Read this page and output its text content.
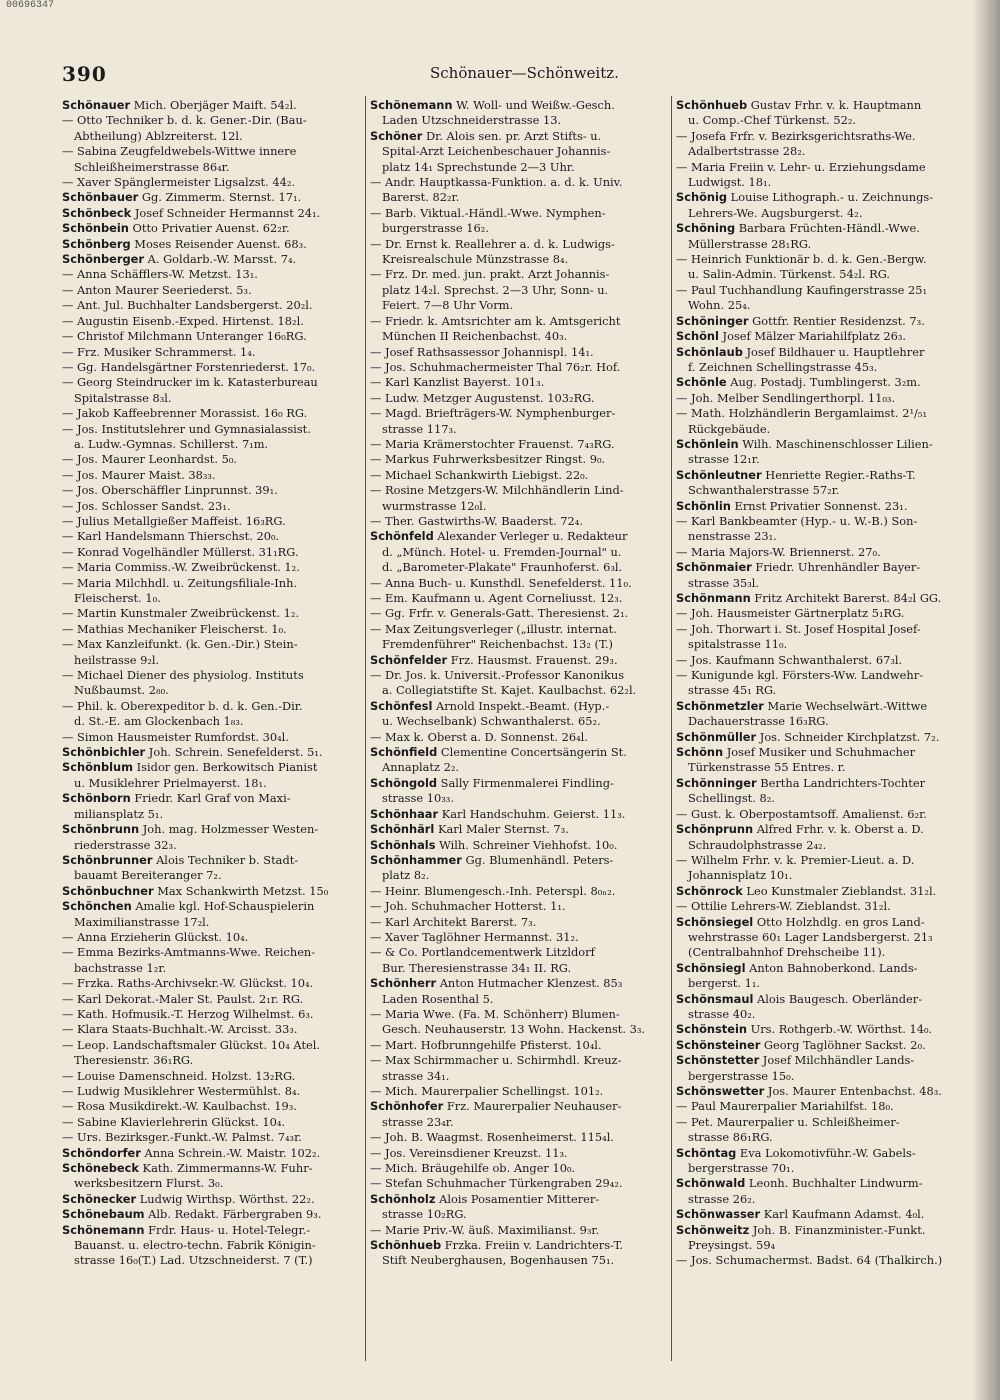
00696347
390	Schönauer—Schönweitz.
Schönauer Mich. Oberjäger Maift. 54₂l.
— Otto Techniker b. d. k. Gener.-Dir. (Bau-
Abtheilung) Ablzreiterst. 12l.
— Sabina Zeugfeldwebels-Wittwe innere
Schleißheimerstrasse 86₄r.
— Xaver Spänglermeister Ligsalzst. 44₂.
Schönbauer Gg. Zimmerm. Sternst. 17₁.
Schönbeck Josef Schneider Hermannst 24₁.
Schönbein Otto Privatier Auenst. 62₂r.
Schönberg Moses Reisender Auenst. 68₃.
Schönberger A. Goldarb.-W. Marsst. 7₄.
— Anna Schäfflers-W. Metzst. 13₁.
— Anton Maurer Seeriederst. 5₃.
— Ant. Jul. Buchhalter Landsbergerst. 20₂l.
— Augustin Eisenb.-Exped. Hirtenst. 18₂l.
— Christof Milchmann Unteranger 16₀RG.
— Frz. Musiker Schrammerst. 1₄.
— Gg. Handelsgärtner Forstenriederst. 17₀.
— Georg Steindrucker im k. Katasterbureau
Spitalstrasse 8₃l.
— Jakob Kaffeebrenner Morassist. 16₀ RG.
— Jos. Institutslehrer und Gymnasialassist.
a. Ludw.-Gymnas. Schillerst. 7₁m.
— Jos. Maurer Leonhardst. 5₀.
— Jos. Maurer Maist. 38₃₃.
— Jos. Oberschäffler Linprunnst. 39₁.
— Jos. Schlosser Sandst. 23₁.
— Julius Metallgießer Maffeist. 16₃RG.
— Karl Handelsmann Thierschst. 20₀.
— Konrad Vogelhändler Müllerst. 31₁RG.
— Maria Commiss.-W. Zweibrückenst. 1₂.
— Maria Milchhdl. u. Zeitungsfiliale-Inh.
Fleischerst. 1₀.
— Martin Kunstmaler Zweibrückenst. 1₂.
— Mathias Mechaniker Fleischerst. 1₀.
— Max Kanzleifunkt. (k. Gen.-Dir.) Stein-
heilstrasse 9₂l.
— Michael Diener des physiolog. Instituts
Nußbaumst. 2₈₀.
— Phil. k. Oberexpeditor b. d. k. Gen.-Dir.
d. St.-E. am Glockenbach 1₈₃.
— Simon Hausmeister Rumfordst. 30₄l.
Schönbichler Joh. Schrein. Senefelderst. 5₁.
Schönblum Isidor gen. Berkowitsch Pianist
u. Musiklehrer Prielmayerst. 18₁.
Schönborn Friedr. Karl Graf von Maxi-
miliansplatz 5₁.
Schönbrunn Joh. mag. Holzmesser Westen-
riederstrasse 32₃.
Schönbrunner Alois Techniker b. Stadt-
bauamt Bereiteranger 7₂.
Schönbuchner Max Schankwirth Metzst. 15₀
Schönchen Amalie kgl. Hof-Schauspielerin
Maximilianstrasse 17₂l.
— Anna Erzieherin Glückst. 10₄.
— Emma Bezirks-Amtmanns-Wwe. Reichen-
bachstrasse 1₂r.
— Frzka. Raths-Archivsekr.-W. Glückst. 10₄.
— Karl Dekorat.-Maler St. Paulst. 2₁r. RG.
— Kath. Hofmusik.-T. Herzog Wilhelmst. 6₃.
— Klara Staats-Buchhalt.-W. Arcisst. 33₃.
— Leop. Landschaftsmaler Glückst. 10₄ Atel.
Theresienstr. 36₁RG.
— Louise Damenschneid. Holzst. 13₂RG.
— Ludwig Musiklehrer Westermühlst. 8₄.
— Rosa Musikdirekt.-W. Kaulbachst. 19₃.
— Sabine Klavierlehrerin Glückst. 10₄.
— Urs. Bezirksger.-Funkt.-W. Palmst. 7₄₃r.
Schöndorfer Anna Schrein.-W. Maistr. 102₂.
Schönebeck Kath. Zimmermanns-W. Fuhr-
werksbesitzern Flurst. 3₀.
Schönecker Ludwig Wirthsp. Wörthst. 22₂.
Schönebaum Alb. Redakt. Färbergraben 9₃.
Schönemann Frdr. Haus- u. Hotel-Telegr.-
Bauanst. u. electro-techn. Fabrik Königin-
strasse 16₀(T.) Lad. Utzschneiderst. 7 (T.)
Schönemann W. Woll- und Weißw.-Gesch.
Laden Utzschneiderstrasse 13.
Schöner Dr. Alois sen. pr. Arzt Stifts- u.
Spital-Arzt Leichenbeschauer Johannis-
platz 14₁ Sprechstunde 2—3 Uhr.
— Andr. Hauptkassa-Funktion. a. d. k. Univ.
Barerst. 82₂r.
— Barb. Viktual.-Händl.-Wwe. Nymphen-
burgerstrasse 16₂.
— Dr. Ernst k. Reallehrer a. d. k. Ludwigs-
Kreisrealschule Münzstrasse 8₄.
— Frz. Dr. med. jun. prakt. Arzt Johannis-
platz 14₂l. Sprechst. 2—3 Uhr, Sonn- u.
Feiert. 7—8 Uhr Vorm.
— Friedr. k. Amtsrichter am k. Amtsgericht
München II Reichenbachst. 40₃.
— Josef Rathsassessor Johannispl. 14₁.
— Jos. Schuhmachermeister Thal 76₂r. Hof.
— Karl Kanzlist Bayerst. 101₃.
— Ludw. Metzger Augustenst. 103₂RG.
— Magd. Briefträgers-W. Nymphenburger-
strasse 117₃.
— Maria Krämerstochter Frauenst. 7₄₃RG.
— Markus Fuhrwerksbesitzer Ringst. 9₀.
— Michael Schankwirth Liebigst. 22₀.
— Rosine Metzgers-W. Milchhändlerin Lind-
wurmstrasse 12₀l.
— Ther. Gastwirths-W. Baaderst. 72₄.
Schönfeld Alexander Verleger u. Redakteur
d. „Münch. Hotel- u. Fremden-Journal" u.
d. „Barometer-Plakate" Fraunhoferst. 6₃l.
— Anna Buch- u. Kunsthdl. Senefelderst. 11₀.
— Em. Kaufmann u. Agent Corneliusst. 12₃.
— Gg. Frfr. v. Generals-Gatt. Theresienst. 2₁.
— Max Zeitungsverleger („illustr. internat.
Fremdenführer" Reichenbachst. 13₂ (T.)
Schönfelder Frz. Hausmst. Frauenst. 29₃.
— Dr. Jos. k. Universit.-Professor Kanonikus
a. Collegiatstifte St. Kajet. Kaulbachst. 62₂l.
Schönfesl Arnold Inspekt.-Beamt. (Hyp.-
u. Wechselbank) Schwanthalerst. 65₂.
— Max k. Oberst a. D. Sonnenst. 26₄l.
Schönfield Clementine Concertsängerin St.
Annaplatz 2₂.
Schöngold Sally Firmenmalerei Findling-
strasse 10₃₃.
Schönhaar Karl Handschuhm. Geierst. 11₃.
Schönhärl Karl Maler Sternst. 7₃.
Schönhals Wilh. Schreiner Viehhofst. 10₀.
Schönhammer Gg. Blumenhändl. Peters-
platz 8₂.
— Heinr. Blumengesch.-Inh. Peterspl. 8₀ₙ₂.
— Joh. Schuhmacher Hotterst. 1₁.
— Karl Architekt Barerst. 7₃.
— Xaver Taglöhner Hermannst. 31₂.
— & Co. Portlandcementwerk Litzldorf
Bur. Theresienstrasse 34₁ II. RG.
Schönherr Anton Hutmacher Klenzest. 85₃
Laden Rosenthal 5.
— Maria Wwe. (Fa. M. Schönherr) Blumen-
Gesch. Neuhauserstr. 13 Wohn. Hackenst. 3₃.
— Mart. Hofbrunngehilfe Pfisterst. 10₄l.
— Max Schirmmacher u. Schirmhdl. Kreuz-
strasse 34₁.
— Mich. Maurerpalier Schellingst. 101₂.
Schönhofer Frz. Maurerpalier Neuhauser-
strasse 23₄r.
— Joh. B. Waagmst. Rosenheimerst. 115₄l.
— Jos. Vereinsdiener Kreuzst. 11₃.
— Mich. Bräugehilfe ob. Anger 10₀.
— Stefan Schuhmacher Türkengraben 29₄₂.
Schönholz Alois Posamentier Mitterer-
strasse 10₂RG.
— Marie Priv.-W. äuß. Maximilianst. 9₃r.
Schönhueb Frzka. Freiin v. Landrichters-T.
Stift Neuberghausen, Bogenhausen 75₁.
Schönhueb Gustav Frhr. v. k. Hauptmann
u. Comp.-Chef Türkenst. 52₂.
— Josefa Frfr. v. Bezirksgerichtsraths-We.
Adalbertstrasse 28₂.
— Maria Freiin v. Lehr- u. Erziehungsdame
Ludwigst. 18₁.
Schönig Louise Lithograph.- u. Zeichnungs-
Lehrers-We. Augsburgerst. 4₂.
Schöning Barbara Früchten-Händl.-Wwe.
Müllerstrasse 28₁RG.
— Heinrich Funktionär b. d. k. Gen.-Bergw.
u. Salin-Admin. Türkenst. 54₂l. RG.
— Paul Tuchhandlung Kaufingerstrasse 25₁
Wohn. 25₄.
Schöninger Gottfr. Rentier Residenzst. 7₃.
Schönl Josef Mälzer Mariahilfplatz 26₃.
Schönlaub Josef Bildhauer u. Hauptlehrer
f. Zeichnen Schellingstrasse 45₃.
Schönle Aug. Postadj. Tumblingerst. 3₂m.
— Joh. Melber Sendlingerthorpl. 11₀₃.
— Math. Holzhändlerin Bergamlaimst. 2¹/₅₁
Rückgebäude.
Schönlein Wilh. Maschinenschlosser Lilien-
strasse 12₁r.
Schönleutner Henriette Regier.-Raths-T.
Schwanthalerstrasse 57₂r.
Schönlin Ernst Privatier Sonnenst. 23₁.
— Karl Bankbeamter (Hyp.- u. W.-B.) Son-
nenstrasse 23₁.
— Maria Majors-W. Briennerst. 27₀.
Schönmaier Friedr. Uhrenhändler Bayer-
strasse 35₃l.
Schönmann Fritz Architekt Barerst. 84₂l GG.
— Joh. Hausmeister Gärtnerplatz 5₁RG.
— Joh. Thorwart i. St. Josef Hospital Josef-
spitalstrasse 11₀.
— Jos. Kaufmann Schwanthalerst. 67₃l.
— Kunigunde kgl. Försters-Ww. Landwehr-
strasse 45₁ RG.
Schönmetzler Marie Wechselwärt.-Wittwe
Dachauerstrasse 16₃RG.
Schönmüller Jos. Schneider Kirchplatzst. 7₂.
Schönn Josef Musiker und Schuhmacher
Türkenstrasse 55 Entres. r.
Schönninger Bertha Landrichters-Tochter
Schellingst. 8₂.
— Gust. k. Oberpostamtsoff. Amalienst. 6₂r.
Schönprunn Alfred Frhr. v. k. Oberst a. D.
Schraudolphstrasse 2₄₂.
— Wilhelm Frhr. v. k. Premier-Lieut. a. D.
Johannisplatz 10₁.
Schönrock Leo Kunstmaler Zieblandst. 31₂l.
— Ottilie Lehrers-W. Zieblandst. 31₂l.
Schönsiegel Otto Holzhdlg. en gros Land-
wehrstrasse 60₁ Lager Landsbergerst. 21₃
(Centralbahnhof Drehscheibe 11).
Schönsiegl Anton Bahnoberkond. Lands-
bergerst. 1₁.
Schönsmaul Alois Baugesch. Oberländer-
strasse 40₂.
Schönstein Urs. Rothgerb.-W. Wörthst. 14₀.
Schönsteiner Georg Taglöhner Sackst. 2₀.
Schönstetter Josef Milchhändler Lands-
bergerstrasse 15₀.
Schönswetter Jos. Maurer Entenbachst. 48₃.
— Paul Maurerpalier Mariahilfst. 18₀.
— Pet. Maurerpalier u. Schleißheimer-
strasse 86₁RG.
Schöntag Eva Lokomotivführ.-W. Gabels-
bergerstrasse 70₁.
Schönwald Leonh. Buchhalter Lindwurm-
strasse 26₂.
Schönwasser Karl Kaufmann Adamst. 4₀l.
Schönweitz Joh. B. Finanzminister.-Funkt.
Preysingst. 59₄
— Jos. Schumachermst. Badst. 64 (Thalkirch.)
